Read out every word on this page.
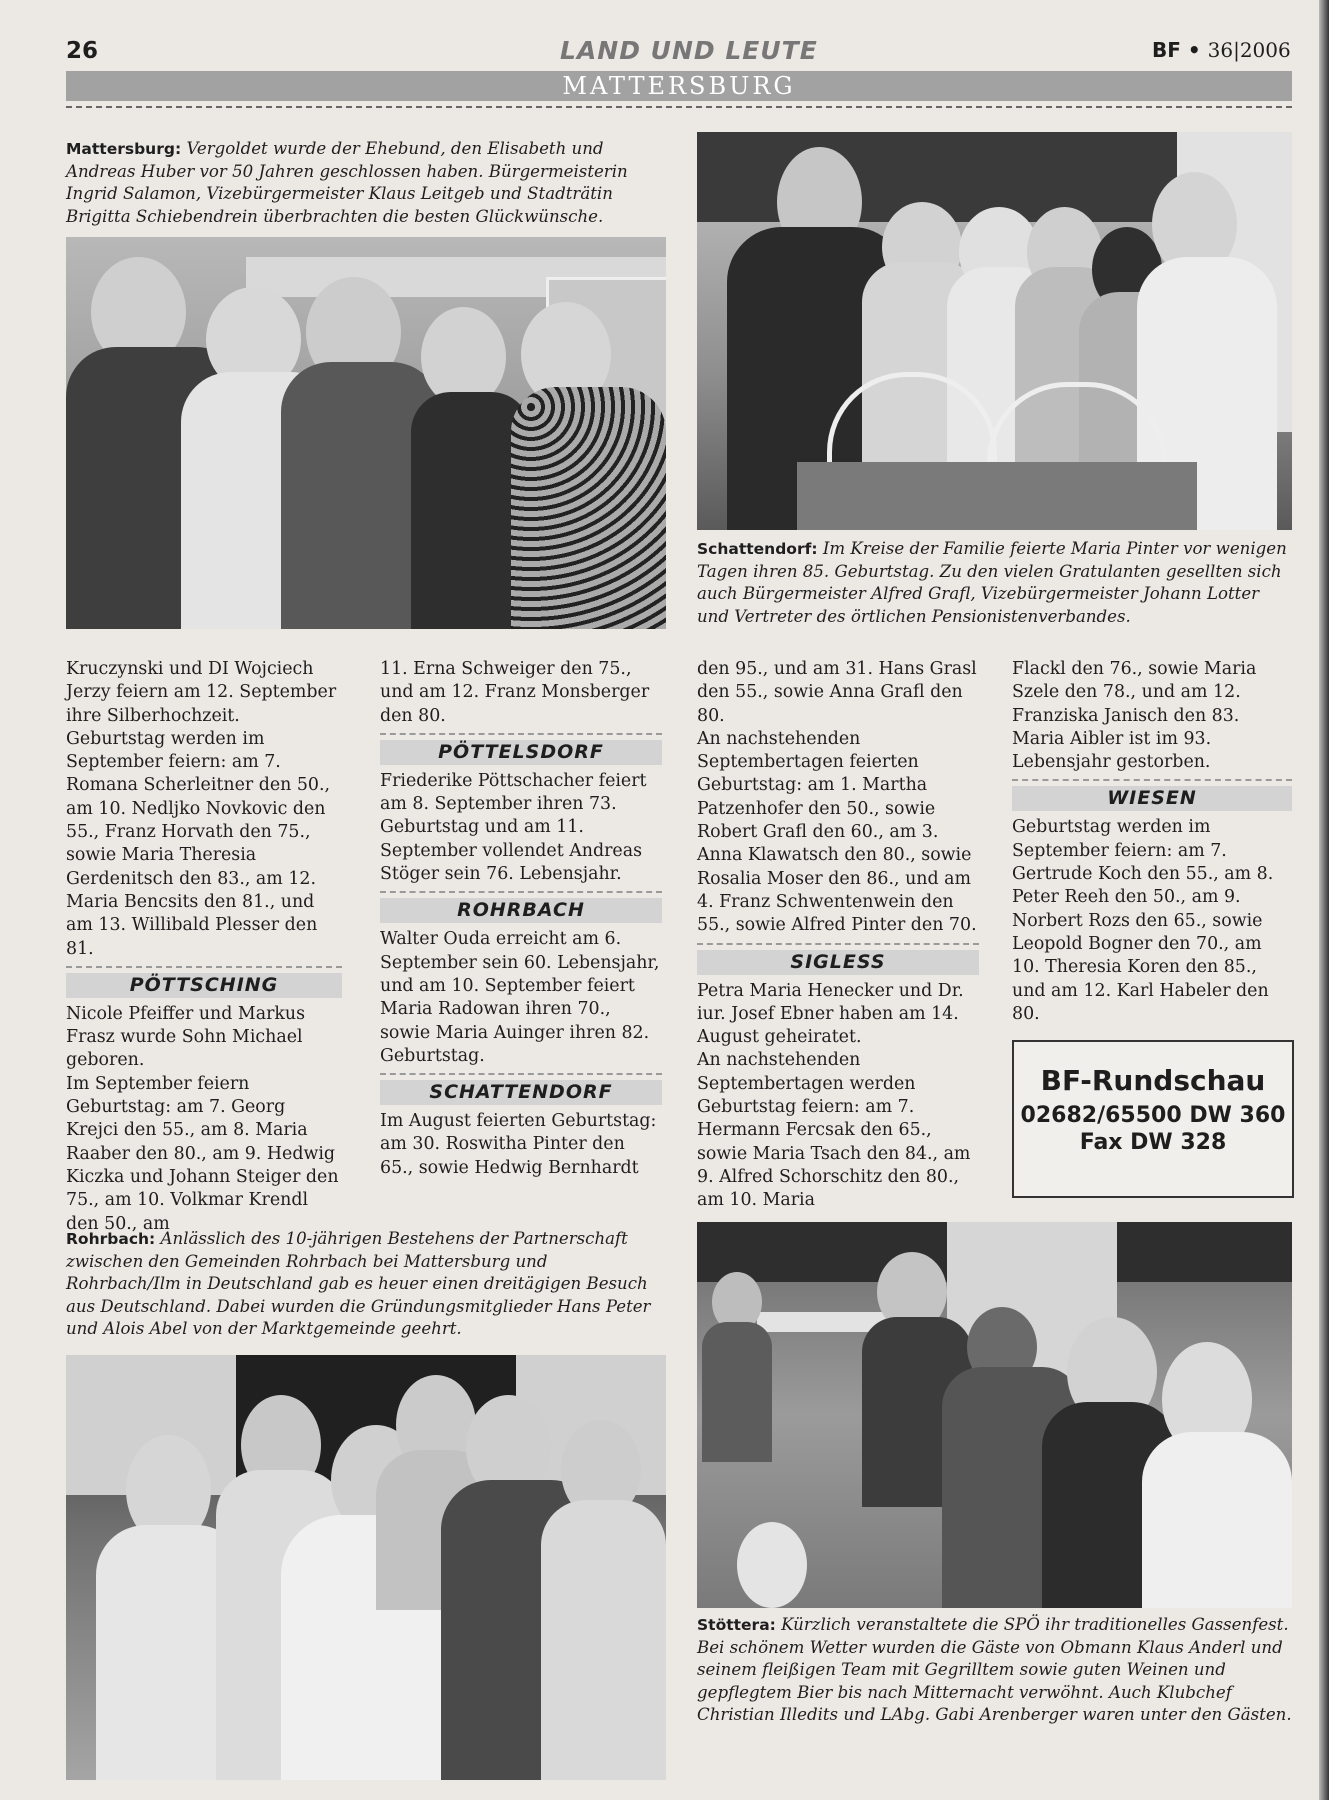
26	LAND UND LEUTE	BF • 36|2006
MATTERSBURG
Mattersburg: Vergoldet wurde der Ehebund, den Elisabeth und Andreas Huber vor 50 Jahren geschlossen haben. Bürgermeisterin Ingrid Salamon, Vizebürgermeister Klaus Leitgeb und Stadträtin Brigitta Schiebendrein überbrachten die besten Glückwünsche.
Schattendorf: Im Kreise der Familie feierte Maria Pinter vor wenigen Tagen ihren 85. Geburtstag. Zu den vielen Gratulanten gesellten sich auch Bürgermeister Alfred Grafl, Vizebürgermeister Johann Lotter und Vertreter des örtlichen Pensionistenverbandes.

Kruczynski und DI Wojciech Jerzy feiern am 12. September ihre Silberhochzeit.

Geburtstag werden im September feiern: am 7. Romana Scherleitner den 50., am 10. Nedljko Novkovic den 55., Franz Horvath den 75., sowie Maria Theresia Gerdenitsch den 83., am 12. Maria Bencsits den 81., und am 13. Willibald Plesser den 81.

PÖTTSCHING

Nicole Pfeiffer und Markus Frasz wurde Sohn Michael geboren.

Im September feiern Geburtstag: am 7. Georg Krejci den 55., am 8. Maria Raaber den 80., am 9. Hedwig Kiczka und Johann Steiger den 75., am 10. Volkmar Krendl den 50., am

11. Erna Schweiger den 75., und am 12. Franz Monsberger den 80.

PÖTTELSDORF

Friederike Pöttschacher feiert am 8. September ihren 73. Geburtstag und am 11. September vollendet Andreas Stöger sein 76. Lebensjahr.

ROHRBACH

Walter Ouda erreicht am 6. September sein 60. Lebensjahr, und am 10. September feiert Maria Radowan ihren 70., sowie Maria Auinger ihren 82. Geburtstag.

SCHATTENDORF

Im August feierten Geburtstag: am 30. Roswitha Pinter den 65., sowie Hedwig Bernhardt

den 95., und am 31. Hans Grasl den 55., sowie Anna Grafl den 80.

An nachstehenden Septembertagen feierten Geburtstag: am 1. Martha Patzenhofer den 50., sowie Robert Grafl den 60., am 3. Anna Klawatsch den 80., sowie Rosalia Moser den 86., und am 4. Franz Schwentenwein den 55., sowie Alfred Pinter den 70.

SIGLESS

Petra Maria Henecker und Dr. iur. Josef Ebner haben am 14. August geheiratet.

An nachstehenden Septembertagen werden Geburtstag feiern: am 7. Hermann Fercsak den 65., sowie Maria Tsach den 84., am 9. Alfred Schorschitz den 80., am 10. Maria

Flackl den 76., sowie Maria Szele den 78., und am 12. Franziska Janisch den 83.

Maria Aibler ist im 93. Lebensjahr gestorben.

WIESEN

Geburtstag werden im September feiern: am 7. Gertrude Koch den 55., am 8. Peter Reeh den 50., am 9. Norbert Rozs den 65., sowie Leopold Bogner den 70., am 10. Theresia Koren den 85., und am 12. Karl Habeler den 80.

BF-Rundschau
02682/65500 DW 360
Fax DW 328
Rohrbach: Anlässlich des 10-jährigen Bestehens der Partnerschaft zwischen den Gemeinden Rohrbach bei Mattersburg und Rohrbach/Ilm in Deutschland gab es heuer einen dreitägigen Besuch aus Deutschland. Dabei wurden die Gründungsmitglieder Hans Peter und Alois Abel von der Marktgemeinde geehrt.
Stöttera: Kürzlich veranstaltete die SPÖ ihr traditionelles Gassenfest. Bei schönem Wetter wurden die Gäste von Obmann Klaus Anderl und seinem fleißigen Team mit Gegrilltem sowie guten Weinen und gepflegtem Bier bis nach Mitternacht verwöhnt. Auch Klubchef Christian Illedits und LAbg. Gabi Arenberger waren unter den Gästen.
